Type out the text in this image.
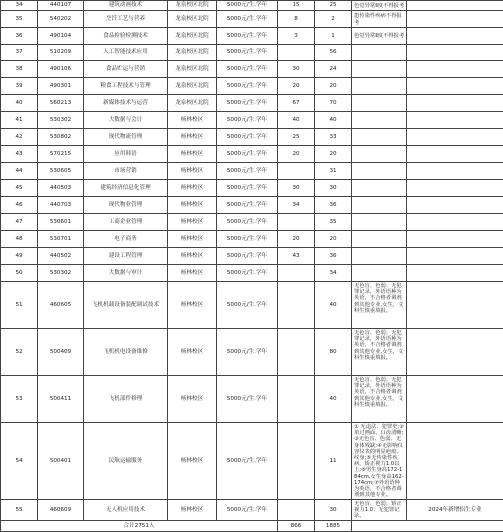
34	440107	建筑动画技术	龙泉校区北院	5000元/生.学年	15	25	色觉异常Ⅱ度不得报考	
35	540202	烹饪工艺与营养	龙泉校区北院	5000元/生.学年	8	2	患传染性疾病不得报考	
36	490104	食品检验检测技术	龙泉校区北院	5000元/生.学年	3	1	色觉异常Ⅱ度不得报考	
37	510209	人工智能技术应用	龙泉校区北院	5000元/生.学年		56		
38	490106	食品贮运与营销	龙泉校区北院	5000元/生.学年	30	24		
39	490301	粮食工程技术与管理	龙泉校区北院	5000元/生.学年	20	20		
40	560213	新媒体技术与运营	龙泉校区北院	5000元/生.学年	67	70		
41	530302	大数据与会计	杨林校区	5000元/生.学年	40	40		
42	530802	现代物流管理	杨林校区	5000元/生.学年	25	33		
43	570215	应用韩语	杨林校区	5000元/生.学年	20	20		
44	530605	市场营销	杨林校区	5000元/生.学年		31		
45	440503	建筑经济信息化管理	杨林校区	5000元/生.学年	30	30		
46	440703	现代物业管理	杨林校区	5000元/生.学年	34	36		
47	530601	工商企业管理	杨林校区	5000元/生.学年		35		
48	530701	电子商务	杨林校区	5000元/生.学年	20	20		
49	440502	建设工程管理	杨林校区	5000元/生.学年	43	36		
50	530302	大数据与审计	杨林校区	5000元/生.学年		34		
51	460605	飞机机载设备装配调试技术	杨林校区	5000元/生.学年		40	无色盲、色弱；无犯罪记录，外语语种为英语，不合格者调剂到其他专业,女生，文科生慎重填报。	
52	500409	飞机机电设备维修	杨林校区	5000元/生.学年		80	无色盲、色弱；无犯罪记录，外语语种为英语，不合格者调剂到其他专业,女生，文科生慎重填报。	
53	500411	飞机部件修理	杨林校区	5000元/生.学年		40	无色盲、色弱；无犯罪记录，外语语种为英语，不合格者调剂到其他专业,女生，文科生慎重填报。	
54	500401	民航运输服务	杨林校区	5000元/生.学年		11	① 无违法、犯罪史;②单过画面、口齿清晰;③无色盲、色弱、无身体残缺;④无影响仪容仪表的明显疤痕、纹身;⑤无传染性疾病、矫正视力1.0以上;⑥男生身高172-184cm,女生身高162-174cm;⑦外语语种为英语，不合格者调剂到其他专业。	
55	460609	无人机应用技术	杨林校区	5000元/生.学年		30	无色盲、色弱；矫正视力1.0；无犯罪记录。	2024年新增招生专业
合计2751人					866	1885		
